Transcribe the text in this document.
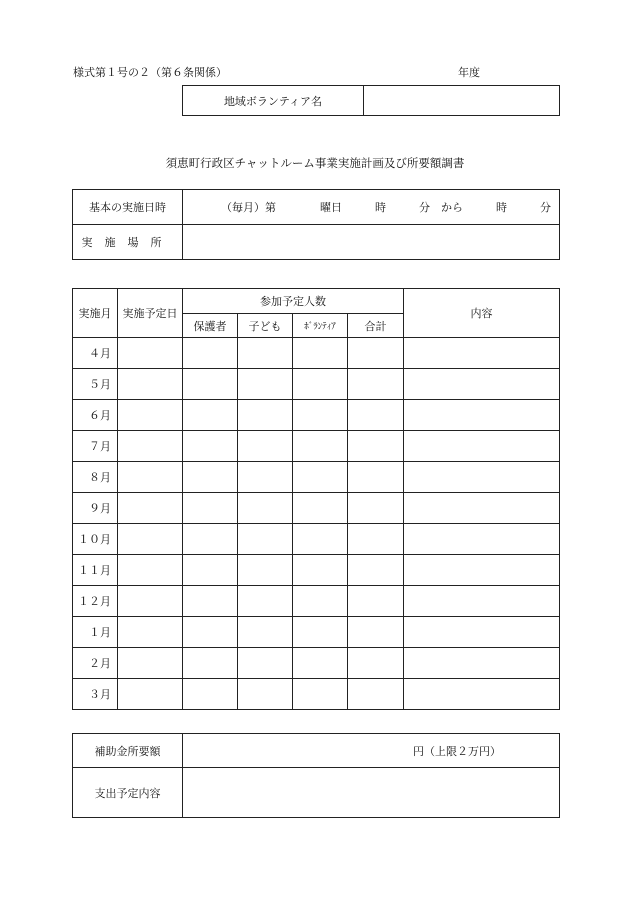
様式第１号の２（第６条関係）	年度
地域ボランティア名	
須恵町行政区チャットルーム事業実施計画及び所要額調書
基本の実施日時	（毎月）第　　　　曜日　　　時　　　分　から　　　時　　　分
実施場所	
実施月	実施予定日	参加予定人数				内容
		保護者	子ども	ﾎﾞﾗﾝﾃｨｱ	合計	
４月						
５月						
６月						
７月						
８月						
９月						
１０月						
１１月						
１２月						
１月						
２月						
３月						
補助金所要額	円（上限２万円）
支出予定内容	
